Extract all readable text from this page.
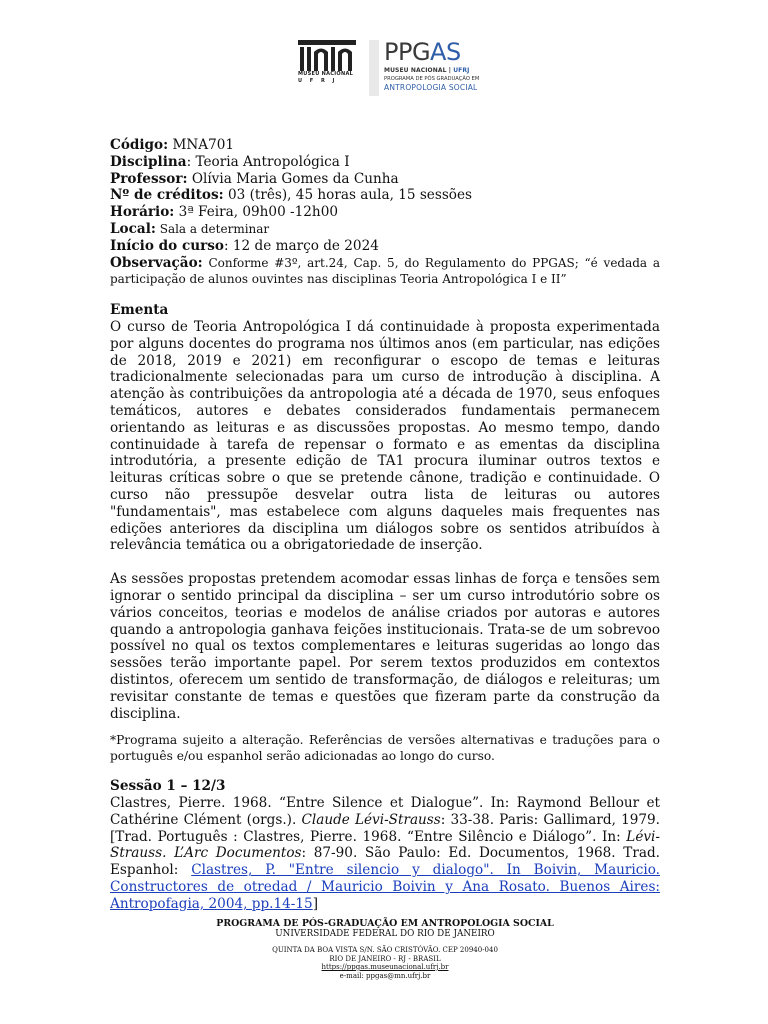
MUSEU NACIONAL
U F R J
PPGAS
MUSEU NACIONAL | UFRJ
PROGRAMA DE PÓS GRADUAÇÃO EM
ANTROPOLOGIA SOCIAL

Código: MNA701

Disciplina: Teoria Antropológica I

Professor: Olívia Maria Gomes da Cunha

Nº de créditos: 03 (três), 45 horas aula, 15 sessões

Horário: 3ª Feira, 09h00 -12h00

Local: Sala a determinar

Início do curso: 12 de março de 2024

Observação: Conforme #3º, art.24, Cap. 5, do Regulamento do PPGAS; “é vedada a participação de alunos ouvintes nas disciplinas Teoria Antropológica I e II”

Ementa

O curso de Teoria Antropológica I dá continuidade à proposta experimentada por alguns docentes do programa nos últimos anos (em particular, nas edições de 2018, 2019 e 2021) em reconfigurar o escopo de temas e leituras tradicionalmente selecionadas para um curso de introdução à disciplina. A atenção às contribuições da antropologia até a década de 1970, seus enfoques temáticos, autores e debates considerados fundamentais permanecem orientando as leituras e as discussões propostas. Ao mesmo tempo, dando continuidade à tarefa de repensar o formato e as ementas da disciplina introdutória, a presente edição de TA1 procura iluminar outros textos e leituras críticas sobre o que se pretende cânone, tradição e continuidade. O curso não pressupõe desvelar outra lista de leituras ou autores "fundamentais", mas estabelece com alguns daqueles mais frequentes nas edições anteriores da disciplina um diálogos sobre os sentidos atribuídos à relevância temática ou a obrigatoriedade de inserção.

As sessões propostas pretendem acomodar essas linhas de força e tensões sem ignorar o sentido principal da disciplina – ser um curso introdutório sobre os vários conceitos, teorias e modelos de análise criados por autoras e autores quando a antropologia ganhava feições institucionais. Trata-se de um sobrevoo possível no qual os textos complementares e leituras sugeridas ao longo das sessões terão importante papel. Por serem textos produzidos em contextos distintos, oferecem um sentido de transformação, de diálogos e releituras; um revisitar constante de temas e questões que fizeram parte da construção da disciplina.

*Programa sujeito a alteração. Referências de versões alternativas e traduções para o português e/ou espanhol serão adicionadas ao longo do curso.

Sessão 1 – 12/3

Clastres, Pierre. 1968. “Entre Silence et Dialogue”. In: Raymond Bellour et Cathérine Clément (orgs.). Claude Lévi-Strauss: 33-38. Paris: Gallimard, 1979. [Trad. Português : Clastres, Pierre. 1968. “Entre Silêncio e Diálogo”. In: Lévi-Strauss. L’Arc Documentos: 87-90. São Paulo: Ed. Documentos, 1968. Trad. Espanhol: Clastres, P. "Entre silencio y dialogo". In Boivin, Mauricio. Constructores de otredad / Mauricio Boivin y Ana Rosato. Buenos Aires: Antropofagia, 2004, pp.14-15]

PROGRAMA DE PÓS-GRADUAÇÃO EM ANTROPOLOGIA SOCIAL
UNIVERSIDADE FEDERAL DO RIO DE JANEIRO
QUINTA DA BOA VISTA S/N. SÃO CRISTÓVÃO. CEP 20940-040
RIO DE JANEIRO - RJ - BRASIL
https://ppgas.museunacional.ufrj.br
e-mail: ppgas@mn.ufrj.br
